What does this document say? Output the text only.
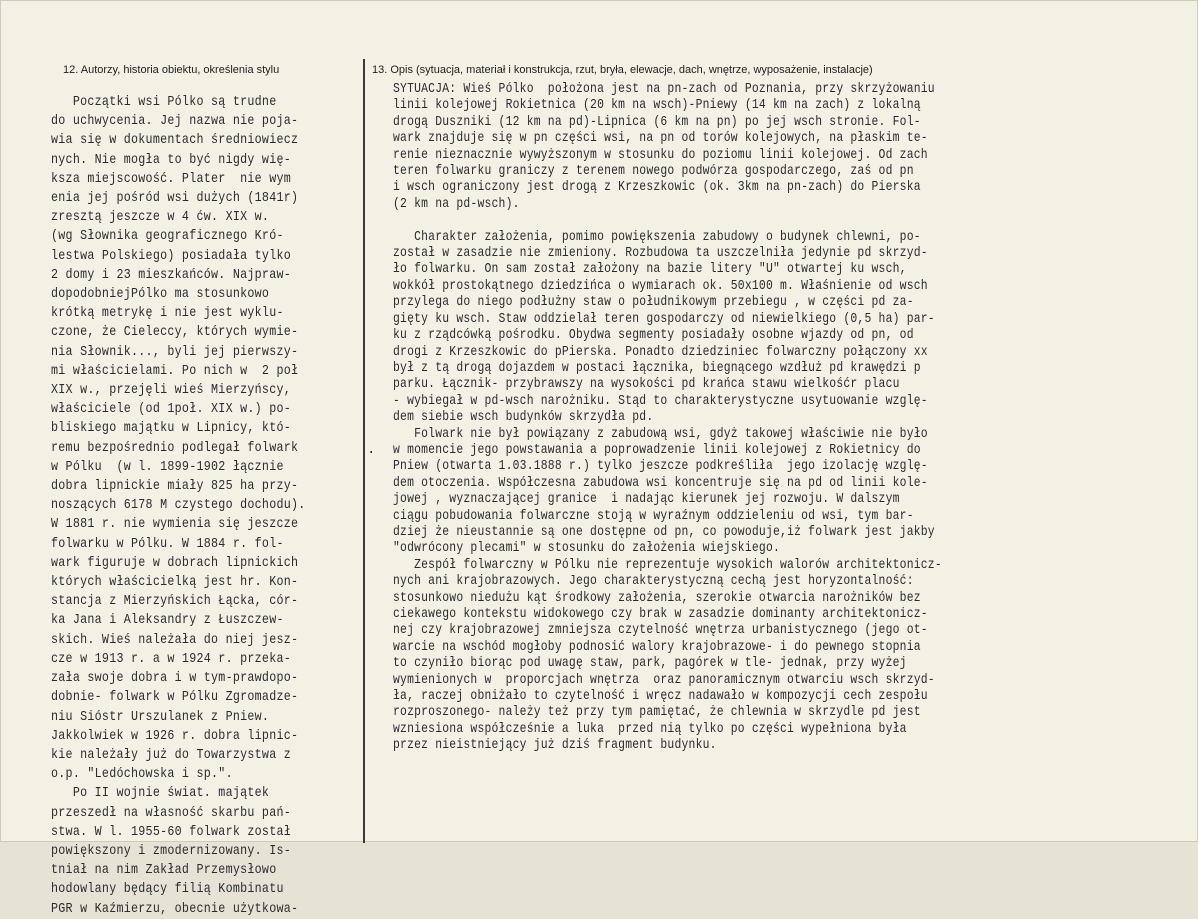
12. Autorzy, historia obiektu, określenia stylu	13. Opis (sytuacja, materiał i konstrukcja, rzut, bryła, elewacje, dach, wnętrze, wyposażenie, instalacje)
Początki wsi Pólko są trudne
do uchwycenia. Jej nazwa nie poja-
wia się w dokumentach średniowiecz
nych. Nie mogła to być nigdy wię-
ksza miejscowość. Plater  nie wym
enia jej pośród wsi dużych (1841r)
zresztą jeszcze w 4 ćw. XIX w.
(wg Słownika geograficznego Kró-
lestwa Polskiego) posiadała tylko
2 domy i 23 mieszkańców. Najpraw-
dopodobniejPólko ma stosunkowo
krótką metrykę i nie jest wyklu-
czone, że Cieleccy, których wymie-
nia Słownik..., byli jej pierwszy-
mi właścicielami. Po nich w  2 poł
XIX w., przejęli wieś Mierzyńscy,
właściciele (od 1poł. XIX w.) po-
bliskiego majątku w Lipnicy, któ-
remu bezpośrednio podlegał folwark
w Pólku  (w l. 1899-1902 łącznie
dobra lipnickie miały 825 ha przy-
noszących 6178 M czystego dochodu).
W 1881 r. nie wymienia się jeszcze
folwarku w Pólku. W 1884 r. fol-
wark figuruje w dobrach lipnickich
których właścicielką jest hr. Kon-
stancja z Mierzyńskich Łącka, cór-
ka Jana i Aleksandry z Łuszczew-
skich. Wieś należała do niej jesz-
cze w 1913 r. a w 1924 r. przeka-
zała swoje dobra i w tym-prawdopo-
dobnie- folwark w Pólku Zgromadze-
niu Sióstr Urszulanek z Pniew.
Jakkolwiek w 1926 r. dobra lipnic-
kie należały już do Towarzystwa z
o.p. "Ledóchowska i sp.".
Po II wojnie świat. majątek
przeszedł na własność skarbu pań-
stwa. W l. 1955-60 folwark został
powiększony i zmodernizowany. Is-
tniał na nim Zakład Przemysłowo
hodowlany będący filią Kombinatu
PGR w Kaźmierzu, obecnie użytkowa-
SYTUACJA: Wieś Pólko  położona jest na pn-zach od Poznania, przy skrzyżowaniu
linii kolejowej Rokietnica (20 km na wsch)-Pniewy (14 km na zach) z lokalną
drogą Duszniki (12 km na pd)-Lipnica (6 km na pn) po jej wsch stronie. Fol-
wark znajduje się w pn części wsi, na pn od torów kolejowych, na płaskim te-
renie nieznacznie wywyższonym w stosunku do poziomu linii kolejowej. Od zach
teren folwarku graniczy z terenem nowego podwórza gospodarczego, zaś od pn
i wsch ograniczony jest drogą z Krzeszkowic (ok. 3km na pn-zach) do Pierska
(2 km na pd-wsch).

Charakter założenia, pomimo powiększenia zabudowy o budynek chlewni, po-
został w zasadzie nie zmieniony. Rozbudowa ta uszczelniła jedynie pd skrzyd-
ło folwarku. On sam został założony na bazie litery "U" otwartej ku wsch,
wokkół prostokątnego dziedzińca o wymiarach ok. 50x100 m. Właśnienie od wsch
przylega do niego podłużny staw o południkowym przebiegu , w części pd za-
gięty ku wsch. Staw oddzielał teren gospodarczy od niewielkiego (0,5 ha) par-
ku z rządcówką pośrodku. Obydwa segmenty posiadały osobne wjazdy od pn, od
drogi z Krzeszkowic do pPierska. Ponadto dziedziniec folwarczny połączony xx
był z tą drogą dojazdem w postaci łącznika, biegnącego wzdłuż pd krawędzi p
parku. Łącznik- przybrawszy na wysokości pd krańca stawu wielkośćr placu
- wybiegał w pd-wsch narożniku. Stąd to charakterystyczne usytuowanie wzglę-
dem siebie wsch budynków skrzydła pd.
Folwark nie był powiązany z zabudową wsi, gdyż takowej właściwie nie było
w momencie jego powstawania a poprowadzenie linii kolejowej z Rokietnicy do
Pniew (otwarta 1.03.1888 r.) tylko jeszcze podkreśliła  jego izolację wzglę-
dem otoczenia. Współczesna zabudowa wsi koncentruje się na pd od linii kole-
jowej , wyznaczającej granice  i nadając kierunek jej rozwoju. W dalszym
ciągu pobudowania folwarczne stoją w wyraźnym oddzieleniu od wsi, tym bar-
dziej że nieustannie są one dostępne od pn, co powoduje,iż folwark jest jakby
"odwrócony plecami" w stosunku do założenia wiejskiego.
Zespół folwarczny w Pólku nie reprezentuje wysokich walorów architektonicz-
nych ani krajobrazowych. Jego charakterystyczną cechą jest horyzontalność:
stosunkowo niedużu kąt środkowy założenia, szerokie otwarcia narożników bez
ciekawego kontekstu widokowego czy brak w zasadzie dominanty architektonicz-
nej czy krajobrazowej zmniejsza czytelność wnętrza urbanistycznego (jego ot-
warcie na wschód mogłoby podnosić walory krajobrazowe- i do pewnego stopnia
to czyniło biorąc pod uwagę staw, park, pagórek w tle- jednak, przy wyżej
wymienionych w  proporcjach wnętrza  oraz panoramicznym otwarciu wsch skrzyd-
ła, raczej obniżało to czytelność i wręcz nadawało w kompozycji cech zespołu
rozproszonego- należy też przy tym pamiętać, że chlewnia w skrzydle pd jest
wzniesiona współcześnie a luka  przed nią tylko po części wypełniona była
przez nieistniejący już dziś fragment budynku.
.
